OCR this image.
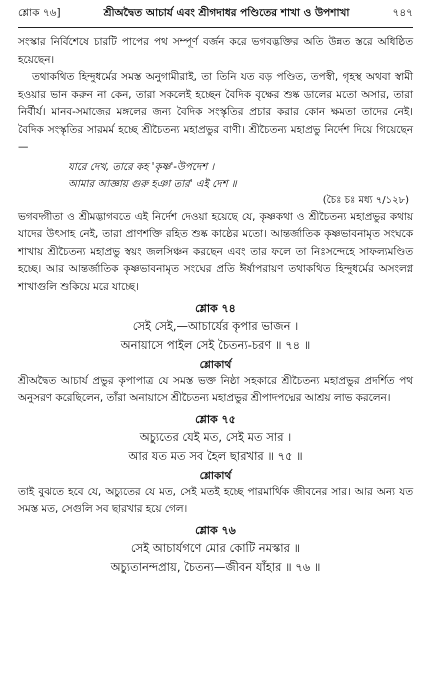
শ্লোক ৭৬]	শ্রীঅদ্বৈত আচার্য এবং শ্রীগদাধর পণ্ডিতের শাখা ও উপশাখা	৭৪৭

সংস্কার নির্বিশেষে চারটি পাপের পথ সম্পূর্ণ বর্জন করে ভগবদ্ভক্তির অতি উন্নত স্তরে অধিষ্ঠিত হয়েছেন।

তথাকথিত হিন্দুধর্মের সমস্ত অনুগামীরাই, তা তিনি যত বড় পণ্ডিত, তপস্বী, গৃহস্থ অথবা স্বামী হওয়ার ভান করুন না কেন, তারা সকলেই হচ্ছেন বৈদিক বৃক্ষের শুষ্ক ডালের মতো অসার, তারা নির্বীর্য। মানব-সমাজের মঙ্গলের জন্য বৈদিক সংস্কৃতির প্রচার করার কোন ক্ষমতা তাদের নেই। বৈদিক সংস্কৃতির সারমর্ম হচ্ছে শ্রীচৈতন্য মহাপ্রভুর বাণী। শ্রীচৈতন্য মহাপ্রভু নির্দেশ দিয়ে গিয়েছেন—

যারে দেখ, তারে কহ 'কৃষ্ণ'-উপদেশ ।
আমার আজ্ঞায় গুরু হঞা তার' এই দেশ ॥
(চৈঃ চঃ মধ্য ৭/১২৮)

ভগবদ্গীতা ও শ্রীমদ্ভাগবতে এই নির্দেশ দেওয়া হয়েছে যে, কৃষ্ণকথা ও শ্রীচৈতন্য মহাপ্রভুর কথায় যাদের উৎসাহ নেই, তারা প্রাণশক্তি রহিত শুষ্ক কাষ্ঠের মতো। আন্তর্জাতিক কৃষ্ণভাবনামৃত সংঘকে শাখায় শ্রীচৈতন্য মহাপ্রভু স্বয়ং জলসিঞ্চন করছেন এবং তার ফলে তা নিঃসন্দেহে সাফল্যমণ্ডিত হচ্ছে। আর আন্তর্জাতিক কৃষ্ণভাবনামৃত সংঘের প্রতি ঈর্ষাপরায়ণ তথাকথিত হিন্দুধর্মের অসংলগ্ন শাখাগুলি শুকিয়ে মরে যাচ্ছে।

শ্লোক ৭৪
সেই সেই,—আচার্যের কৃপার ভাজন ।
অনায়াসে পাইল সেই চৈতন্য-চরণ ॥ ৭৪ ॥
শ্লোকার্থ

শ্রীঅদ্বৈত আচার্য প্রভুর কৃপাপাত্র যে সমস্ত ভক্ত নিষ্ঠা সহকারে শ্রীচৈতন্য মহাপ্রভুর প্রদর্শিত পথ অনুসরণ করেছিলেন, তাঁরা অনায়াসে শ্রীচৈতন্য মহাপ্রভুর শ্রীপাদপদ্মের আশ্রয় লাভ করলেন।

শ্লোক ৭৫
অচ্যুতের যেই মত, সেই মত সার ।
আর যত মত সব হৈল ছারখার ॥ ৭৫ ॥
শ্লোকার্থ

তাই বুঝতে হবে যে, অচ্যুতের যে মত, সেই মতই হচ্ছে পারমার্থিক জীবনের সার। আর অন্য যত সমস্ত মত, সেগুলি সব ছারখার হয়ে গেল।

শ্লোক ৭৬
সেই আচার্যগণে মোর কোটি নমস্কার ॥
অচ্যুতানন্দপ্রায়, চৈতন্য—জীবন যাঁহার ॥ ৭৬ ॥
